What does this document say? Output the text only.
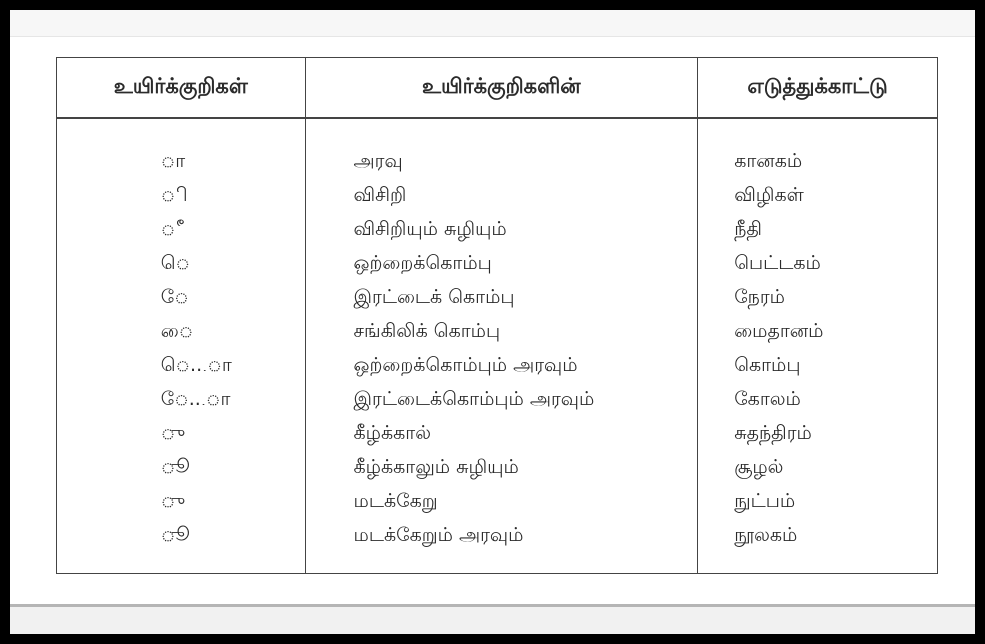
உயிர்க்குறிகள்	உயிர்க்குறிகளின்	எடுத்துக்காட்டு

ா	அரவு	கானகம்
ி	விசிறி	விழிகள்
ீ	விசிறியும் சுழியும்	நீதி
ெ	ஒற்றைக்கொம்பு	பெட்டகம்
ே	இரட்டைக் கொம்பு	நேரம்
ை	சங்கிலிக் கொம்பு	மைதானம்
ெ...ா	ஒற்றைக்கொம்பும் அரவும்	கொம்பு
ே...ா	இரட்டைக்கொம்பும் அரவும்	கோலம்
ு	கீழ்க்கால்	சுதந்திரம்
ூ	கீழ்க்காலும் சுழியும்	சூழல்
ு	மடக்கேறு	நுட்பம்
ூ	மடக்கேறும் அரவும்	நூலகம்
